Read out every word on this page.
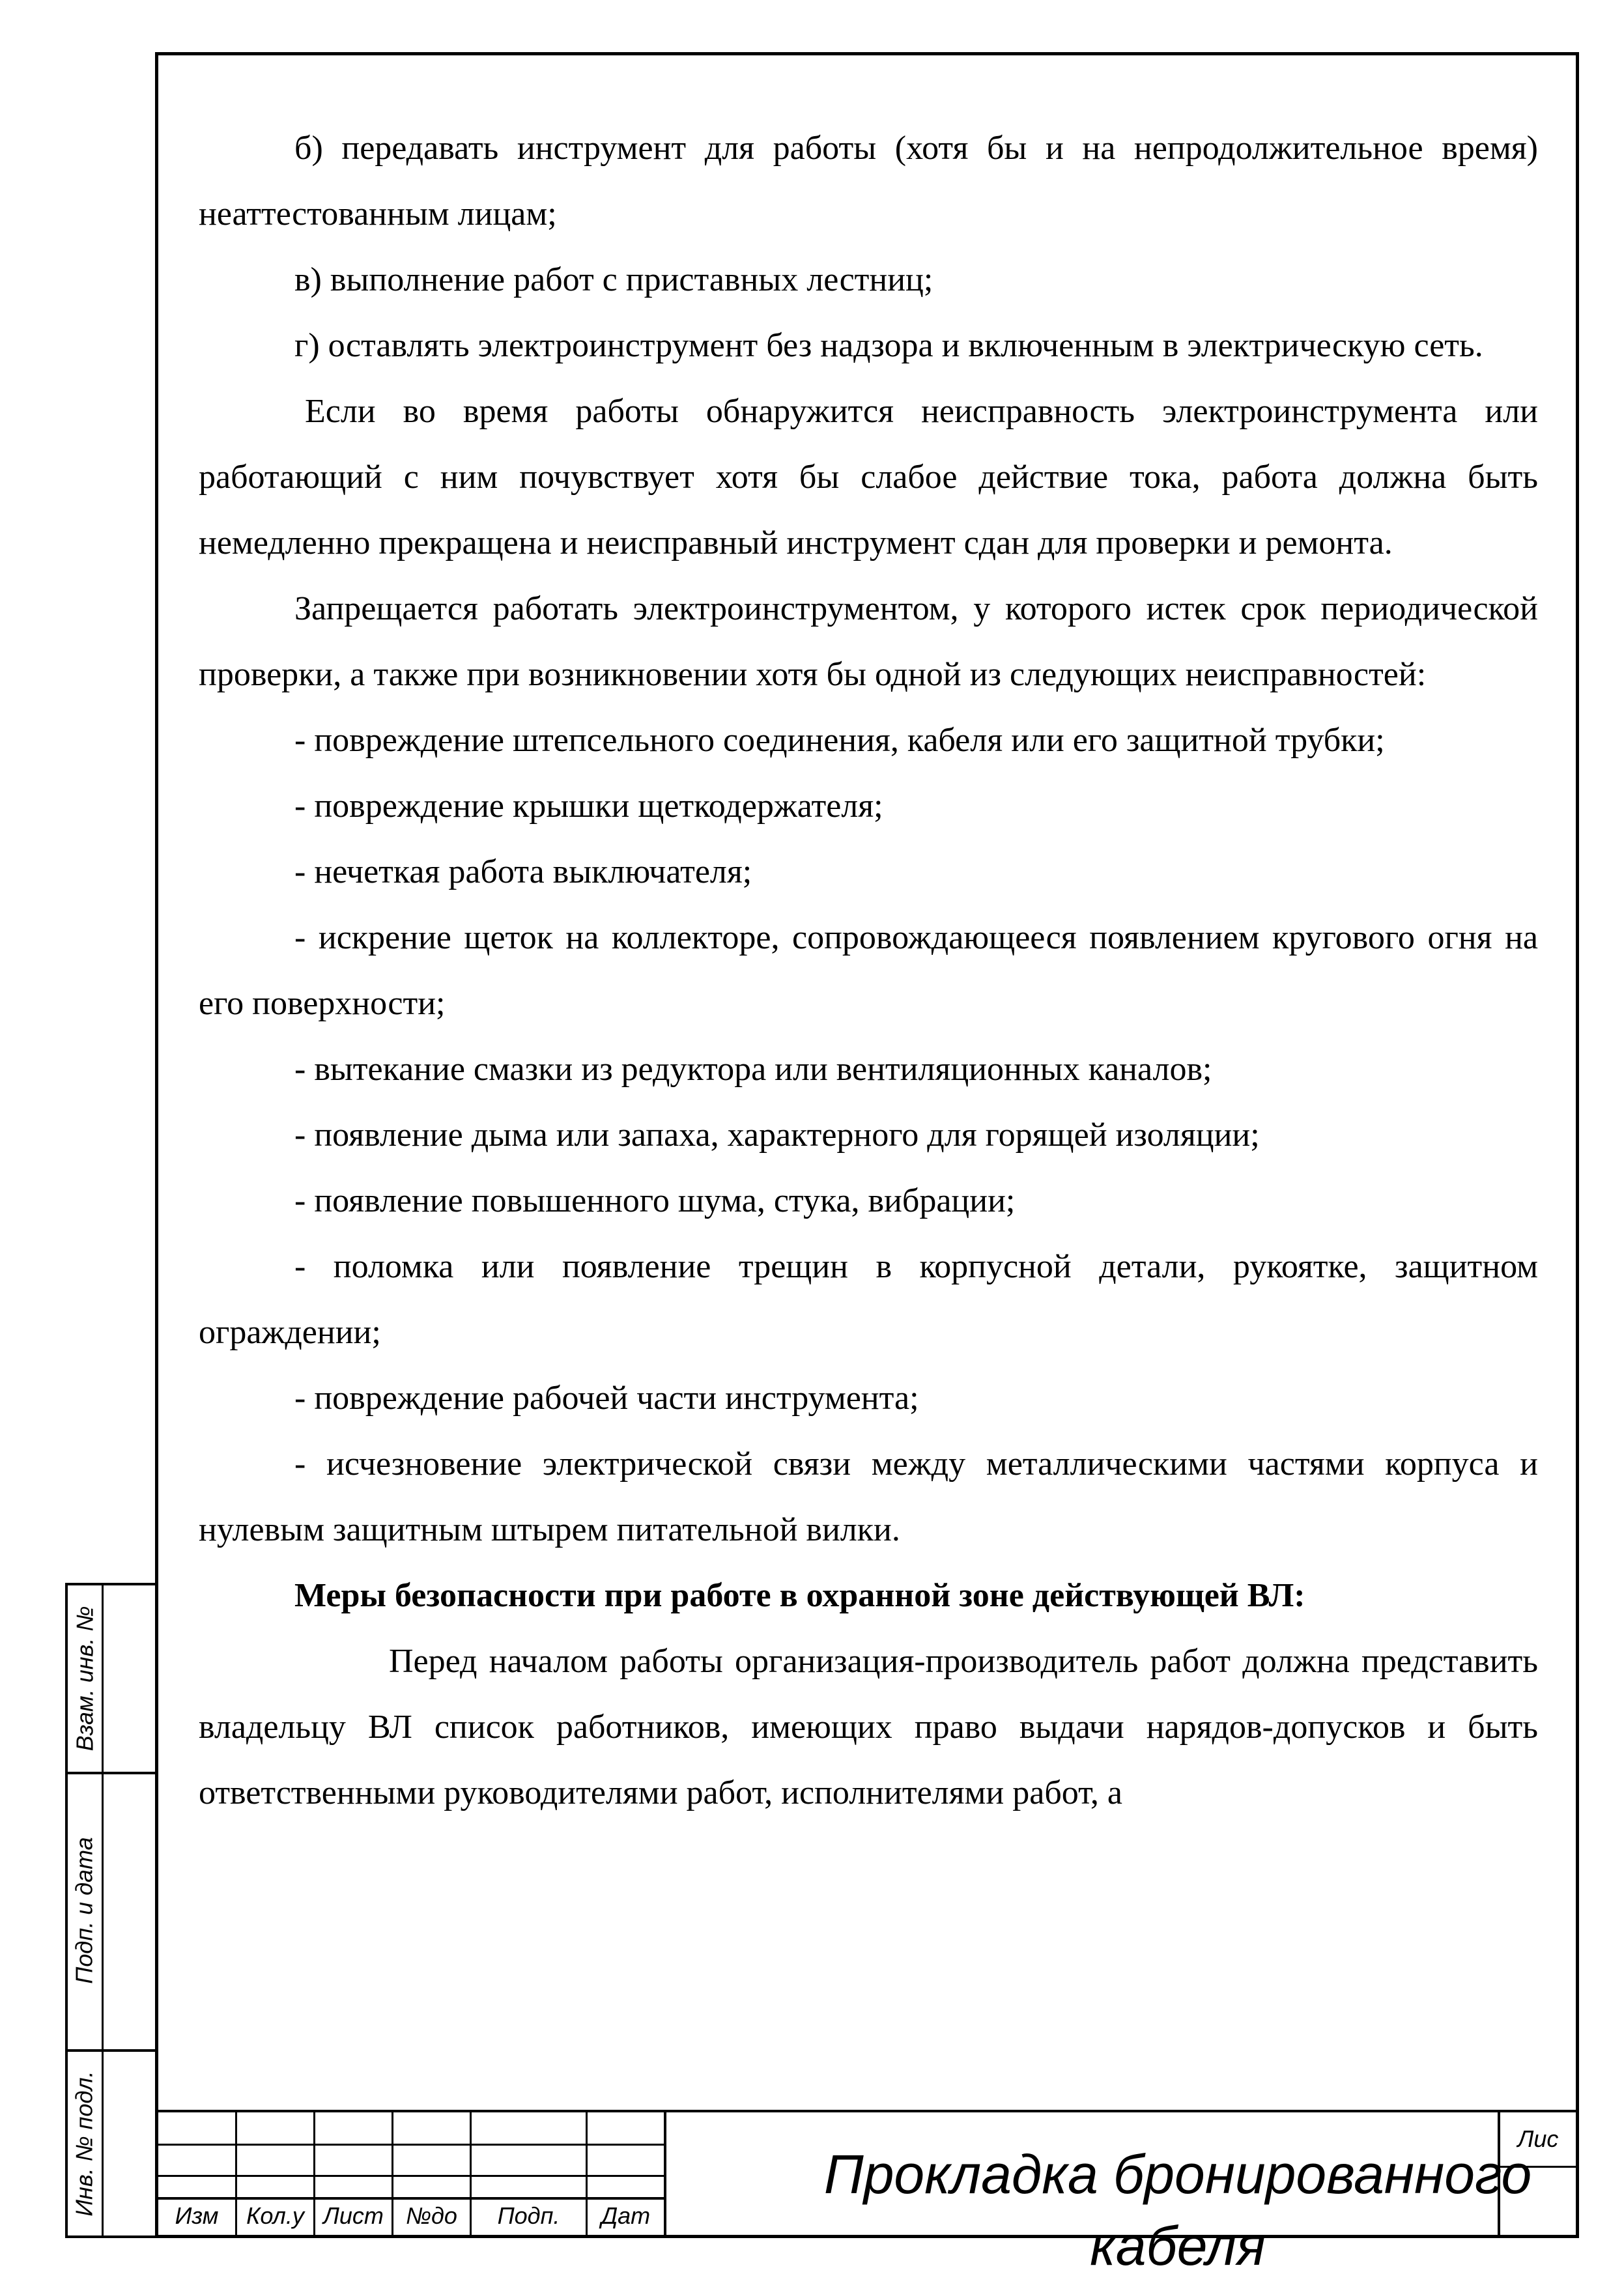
Взам. инв. №
Подп. и дата
Инв. № подл.

б) передавать инструмент для работы (хотя бы и на непродолжительное время) неаттестованным лицам;

в) выполнение работ с приставных лестниц;

г) оставлять электроинструмент без надзора и включенным в электрическую сеть.

Если во время работы обнаружится неисправность электроинструмента или работающий с ним почувствует хотя бы слабое действие тока, работа должна быть немедленно прекращена и неисправный инструмент сдан для проверки и ремонта.

Запрещается работать электроинструментом, у которого истек срок периодической проверки, а также при возникновении хотя бы одной из следующих неисправностей:

- повреждение штепсельного соединения, кабеля или его защитной трубки;

- повреждение крышки щеткодержателя;

- нечеткая работа выключателя;

- искрение щеток на коллекторе, сопровождающееся появлением кругового огня на его поверхности;

- вытекание смазки из редуктора или вентиляционных каналов;

- появление дыма или запаха, характерного для горящей изоляции;

- появление повышенного шума, стука, вибрации;

- поломка или появление трещин в корпусной детали, рукоятке, защитном ограждении;

- повреждение рабочей части инструмента;

- исчезновение электрической связи между металлическими частями корпуса и нулевым защитным штырем питательной вилки.

Меры безопасности при работе в охранной зоне действующей ВЛ:

Перед началом работы организация-производитель работ должна представить владельцу ВЛ список работников, имеющих право выдачи нарядов-допусков и быть ответственными руководителями работ, исполнителями работ, а

Изм	Кол.у Лист №до	Подп.	Дат
Прокладка бронированного кабеля
Лис
